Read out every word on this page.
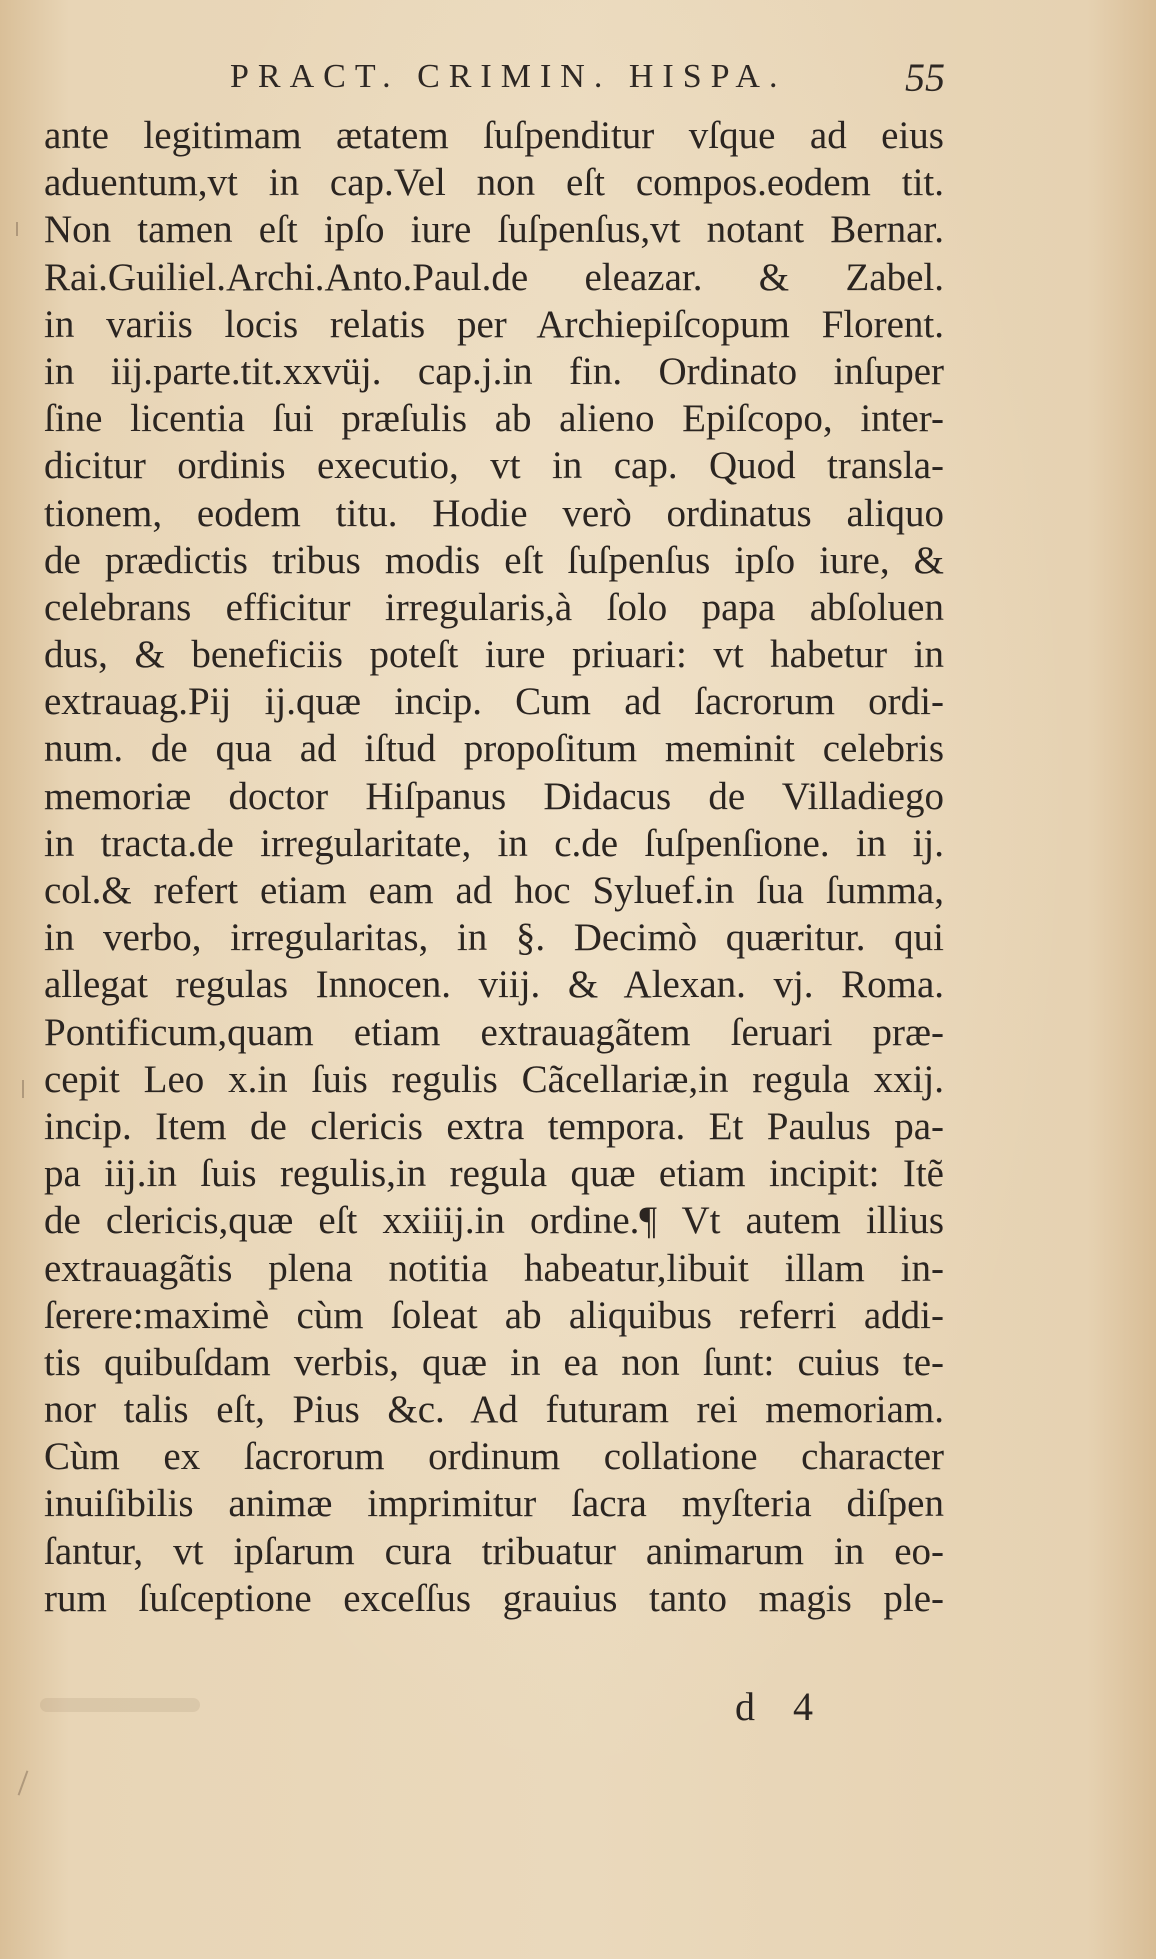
PRACT. CRIMIN. HISPA.	55
ante legitimam ætatem ſuſpenditur vſque ad eius
aduentum,vt in cap.Vel non eſt compos.eodem tit.
Non tamen eſt ipſo iure ſuſpenſus,vt notant Bernar.
Rai.Guiliel.Archi.Anto.Paul.de eleazar. & Zabel.
in variis locis relatis per Archiepiſcopum Florent.
in iij.parte.tit.xxvüj. cap.j.in fin. Ordinato inſuper
ſine licentia ſui præſulis ab alieno Epiſcopo, inter-
dicitur ordinis executio, vt in cap. Quod transla-
tionem, eodem titu. Hodie verò ordinatus aliquo
de prædictis tribus modis eſt ſuſpenſus ipſo iure, &
celebrans efficitur irregularis,à ſolo papa abſoluen
dus, & beneficiis poteſt iure priuari: vt habetur in
extrauag.Pij ij.quæ incip. Cum ad ſacrorum ordi-
num. de qua ad iſtud propoſitum meminit celebris
memoriæ doctor Hiſpanus Didacus de Villadiego
in tracta.de irregularitate, in c.de ſuſpenſione. in ij.
col.& refert etiam eam ad hoc Syluef.in ſua ſumma,
in verbo, irregularitas, in §. Decimò quæritur. qui
allegat regulas Innocen. viij. & Alexan. vj. Roma.
Pontificum,quam etiam extrauagãtem ſeruari præ-
cepit Leo x.in ſuis regulis Cãcellariæ,in regula xxij.
incip. Item de clericis extra tempora. Et Paulus pa-
pa iij.in ſuis regulis,in regula quæ etiam incipit: Itẽ
de clericis,quæ eſt xxiiij.in ordine.¶ Vt autem illius
extrauagãtis plena notitia habeatur,libuit illam in-
ſerere:maximè cùm ſoleat ab aliquibus referri addi-
tis quibuſdam verbis, quæ in ea non ſunt: cuius te-
nor talis eſt, Pius &c. Ad futuram rei memoriam.
Cùm ex ſacrorum ordinum collatione character
inuiſibilis animæ imprimitur ſacra myſteria diſpen
ſantur, vt ipſarum cura tribuatur animarum in eo-
rum ſuſceptione exceſſus grauius tanto magis ple-
d 4
